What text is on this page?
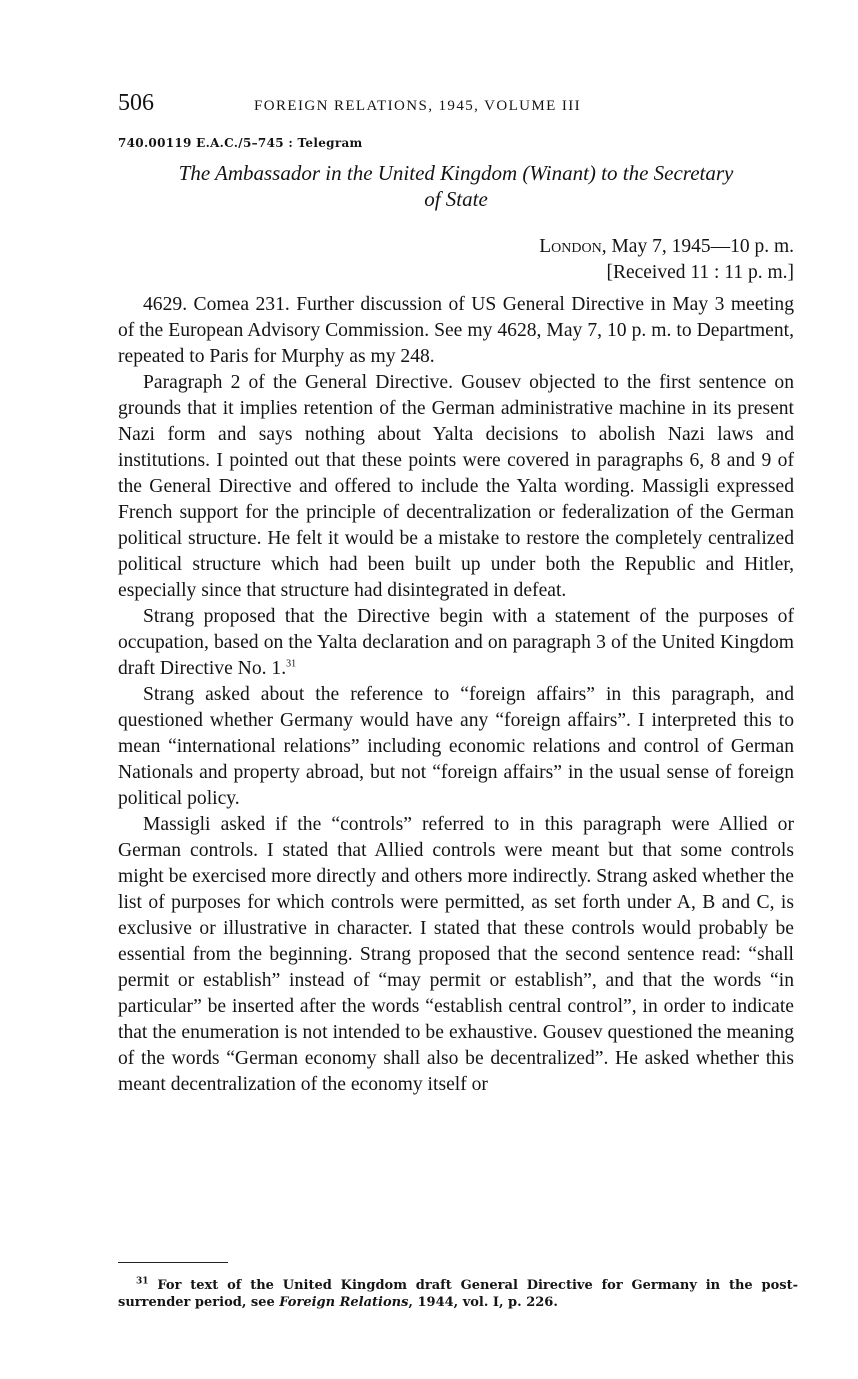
506	FOREIGN RELATIONS, 1945, VOLUME III
740.00119 E.A.C./5–745 : Telegram
The Ambassador in the United Kingdom (Winant) to the Secretary
of State
London, May 7, 1945—10 p. m.
[Received 11 : 11 p. m.]

4629. Comea 231. Further discussion of US General Directive in May 3 meeting of the European Advisory Commission. See my 4628, May 7, 10 p. m. to Department, repeated to Paris for Murphy as my 248.

Paragraph 2 of the General Directive. Gousev objected to the first sentence on grounds that it implies retention of the German administrative machine in its present Nazi form and says nothing about Yalta decisions to abolish Nazi laws and institutions. I pointed out that these points were covered in paragraphs 6, 8 and 9 of the General Directive and offered to include the Yalta wording. Massigli expressed French support for the principle of decentralization or federalization of the German political structure. He felt it would be a mistake to restore the completely centralized political structure which had been built up under both the Republic and Hitler, especially since that structure had disintegrated in defeat.

Strang proposed that the Directive begin with a statement of the purposes of occupation, based on the Yalta declaration and on paragraph 3 of the United Kingdom draft Directive No. 1.31

Strang asked about the reference to “foreign affairs” in this paragraph, and questioned whether Germany would have any “foreign affairs”. I interpreted this to mean “international relations” including economic relations and control of German Nationals and property abroad, but not “foreign affairs” in the usual sense of foreign political policy.

Massigli asked if the “controls” referred to in this paragraph were Allied or German controls. I stated that Allied controls were meant but that some controls might be exercised more directly and others more indirectly. Strang asked whether the list of purposes for which controls were permitted, as set forth under A, B and C, is exclusive or illustrative in character. I stated that these controls would probably be essential from the beginning. Strang proposed that the second sentence read: “shall permit or establish” instead of “may permit or establish”, and that the words “in particular” be inserted after the words “establish central control”, in order to indicate that the enumeration is not intended to be exhaustive. Gousev questioned the meaning of the words “German economy shall also be decentralized”. He asked whether this meant decentralization of the economy itself or

$^{31}$ For text of the United Kingdom draft General Directive for Germany in the post-surrender period, see Foreign Relations, 1944, vol. I, p. 226.
